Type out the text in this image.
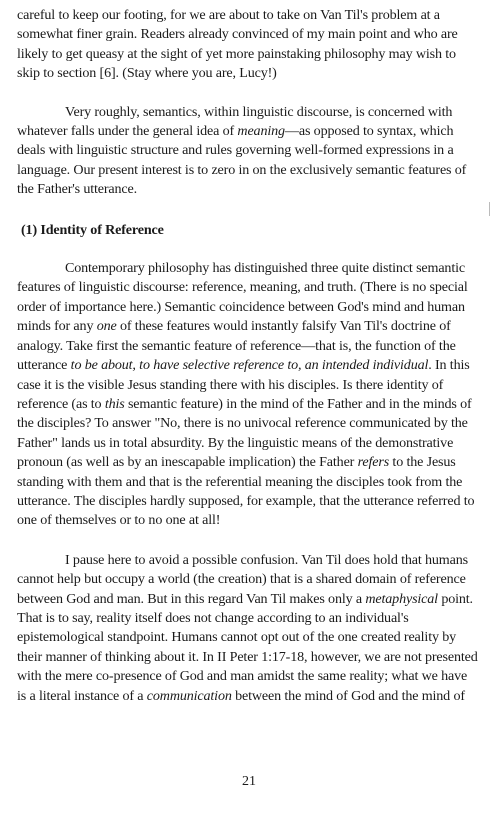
careful to keep our footing, for we are about to take on Van Til's problem at a somewhat finer grain. Readers already convinced of my main point and who are likely to get queasy at the sight of yet more painstaking philosophy may wish to skip to section [6]. (Stay where you are, Lucy!)

Very roughly, semantics, within linguistic discourse, is concerned with whatever falls under the general idea of meaning—as opposed to syntax, which deals with linguistic structure and rules governing well-formed expressions in a language. Our present interest is to zero in on the exclusively semantic features of the Father's utterance.

(1) Identity of Reference

Contemporary philosophy has distinguished three quite distinct semantic features of linguistic discourse: reference, meaning, and truth. (There is no special order of importance here.) Semantic coincidence between God's mind and human minds for any one of these features would instantly falsify Van Til's doctrine of analogy. Take first the semantic feature of reference—that is, the function of the utterance to be about, to have selective reference to, an intended individual. In this case it is the visible Jesus standing there with his disciples. Is there identity of reference (as to this semantic feature) in the mind of the Father and in the minds of the disciples? To answer "No, there is no univocal reference communicated by the Father" lands us in total absurdity. By the linguistic means of the demonstrative pronoun (as well as by an inescapable implication) the Father refers to the Jesus standing with them and that is the referential meaning the disciples took from the utterance. The disciples hardly supposed, for example, that the utterance referred to one of themselves or to no one at all!

I pause here to avoid a possible confusion. Van Til does hold that humans cannot help but occupy a world (the creation) that is a shared domain of reference between God and man. But in this regard Van Til makes only a metaphysical point. That is to say, reality itself does not change according to an individual's epistemological standpoint. Humans cannot opt out of the one created reality by their manner of thinking about it. In II Peter 1:17-18, however, we are not presented with the mere co-presence of God and man amidst the same reality; what we have is a literal instance of a communication between the mind of God and the mind of

21
